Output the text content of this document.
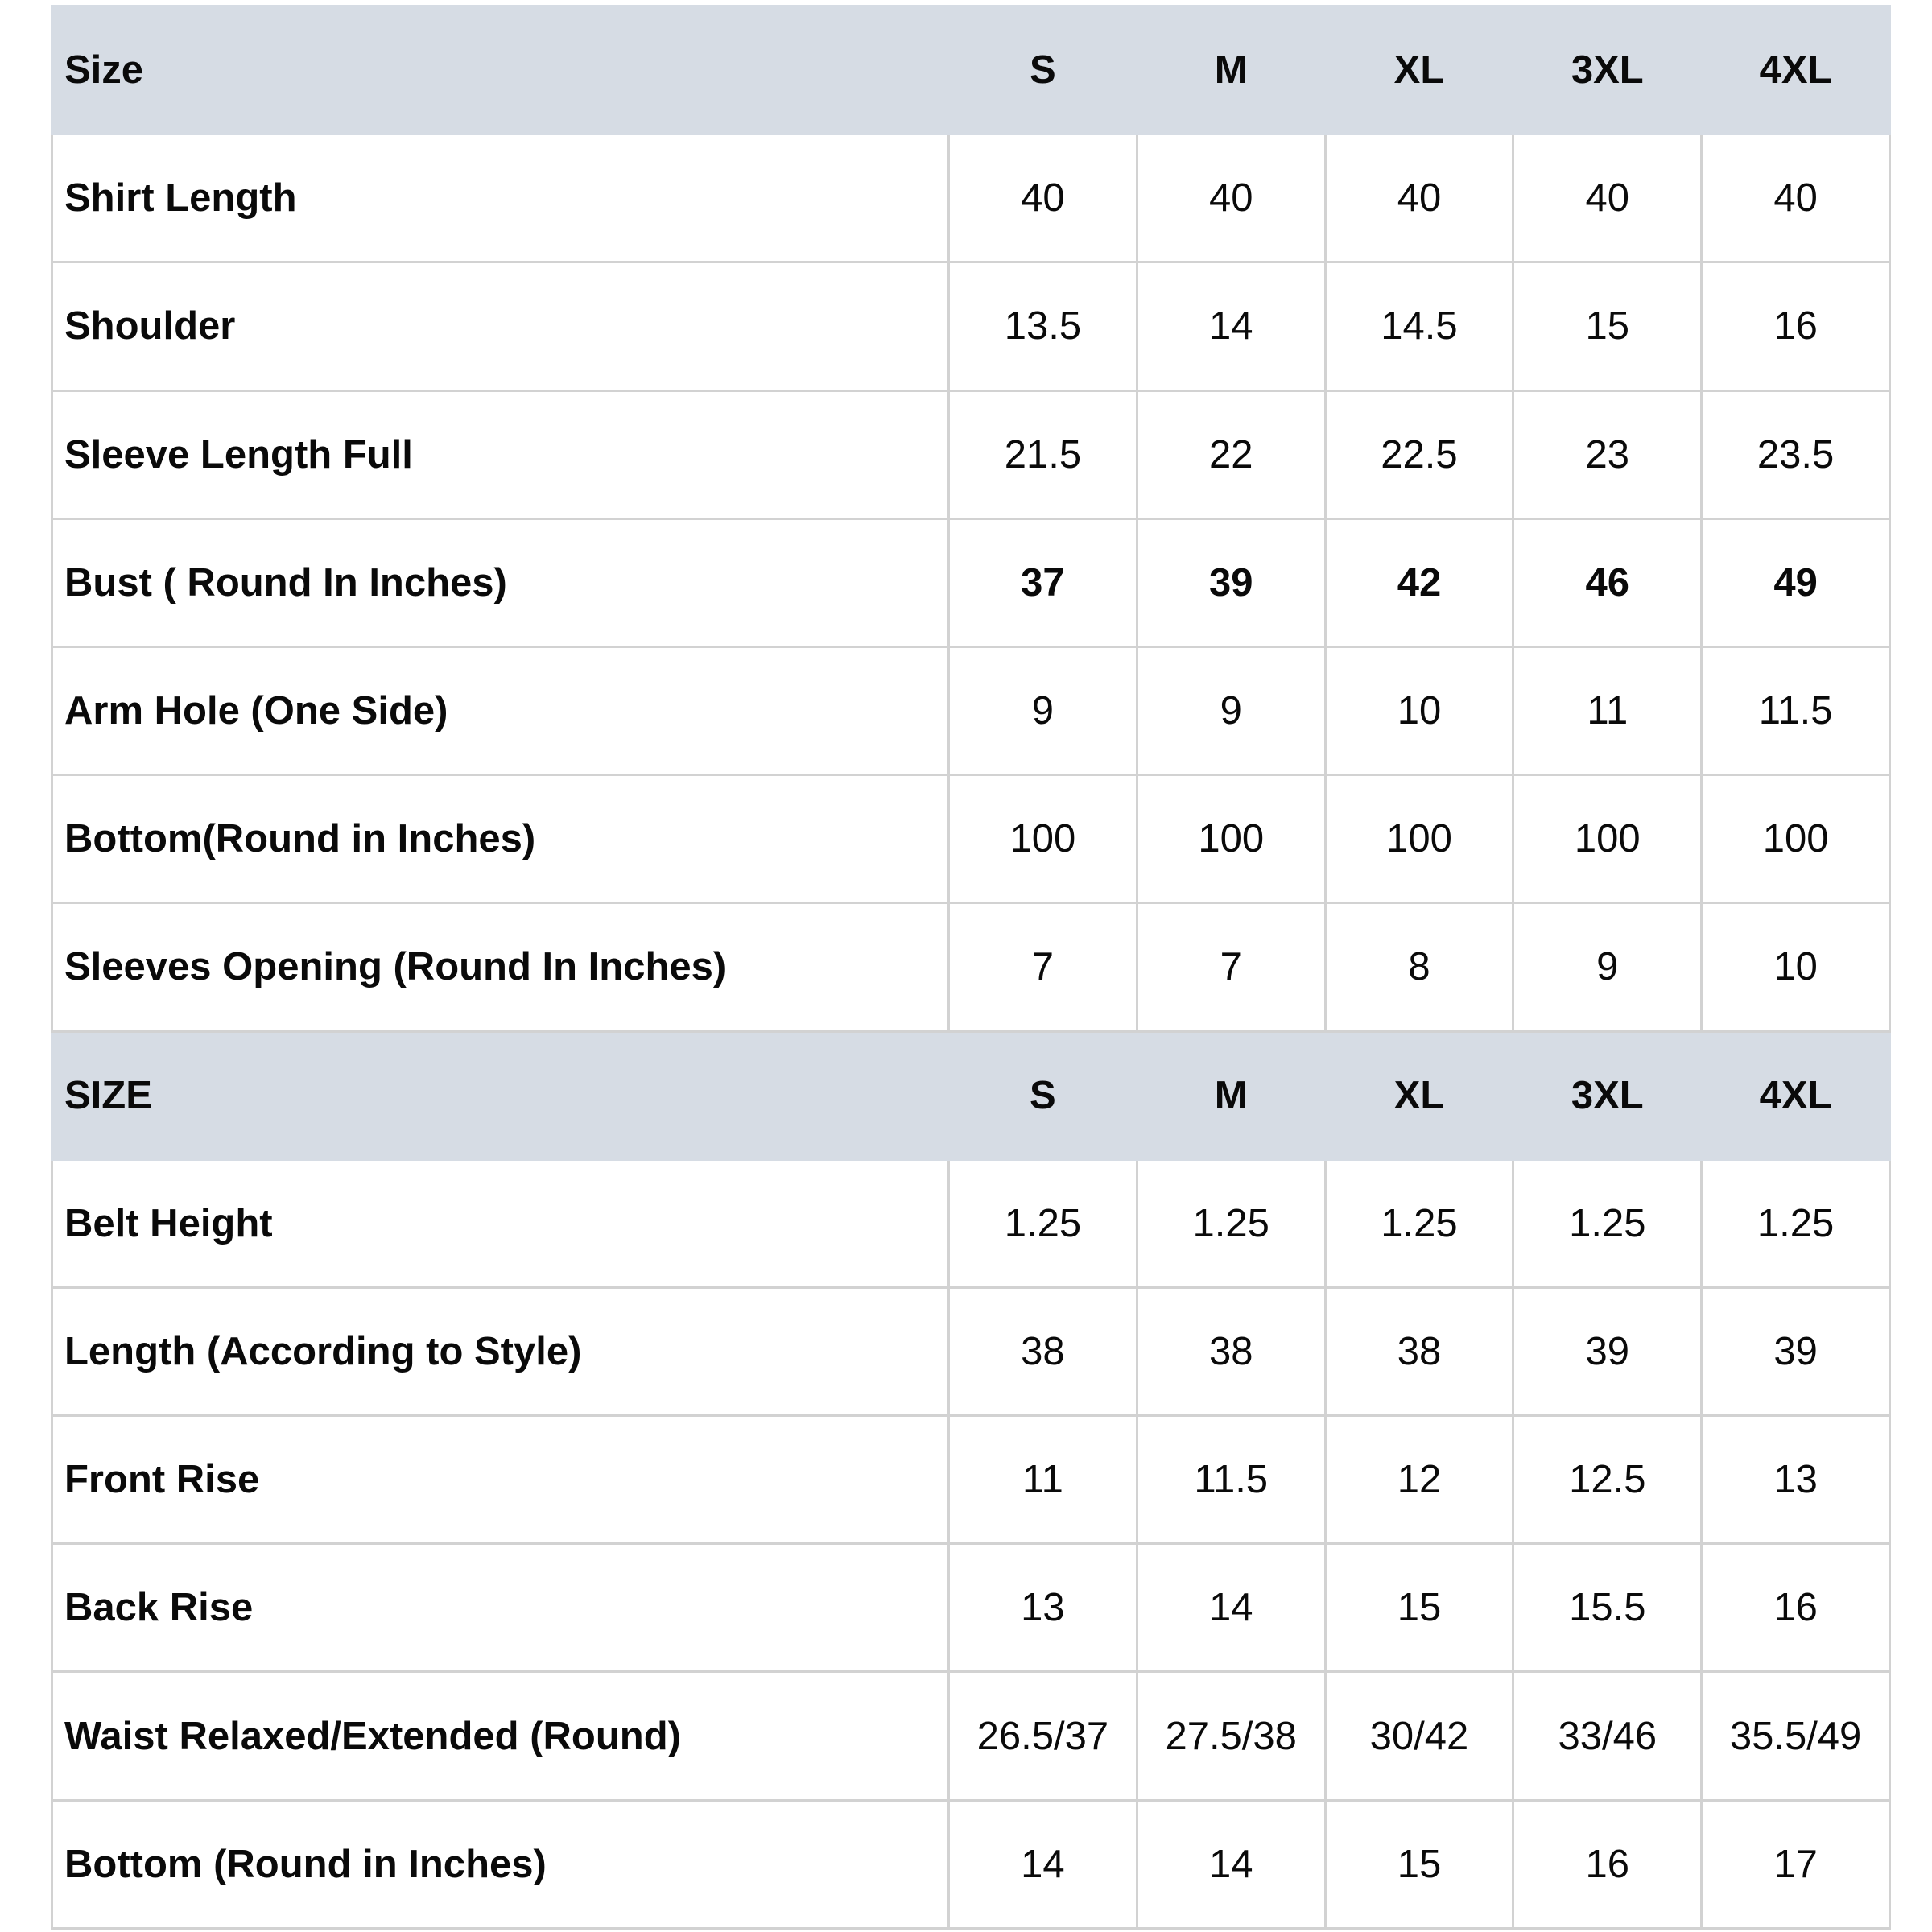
Size	S	M	XL	3XL	4XL
Shirt Length	40	40	40	40	40
Shoulder	13.5	14	14.5	15	16
Sleeve Length Full	21.5	22	22.5	23	23.5
Bust ( Round In Inches)	37	39	42	46	49
Arm Hole (One Side)	9	9	10	11	11.5
Bottom(Round in Inches)	100	100	100	100	100
Sleeves Opening (Round In Inches)	7	7	8	9	10
SIZE	S	M	XL	3XL	4XL
Belt Height	1.25	1.25	1.25	1.25	1.25
Length (According to Style)	38	38	38	39	39
Front Rise	11	11.5	12	12.5	13
Back Rise	13	14	15	15.5	16
Waist Relaxed/Extended (Round)	26.5/37	27.5/38	30/42	33/46	35.5/49
Bottom (Round in Inches)	14	14	15	16	17
